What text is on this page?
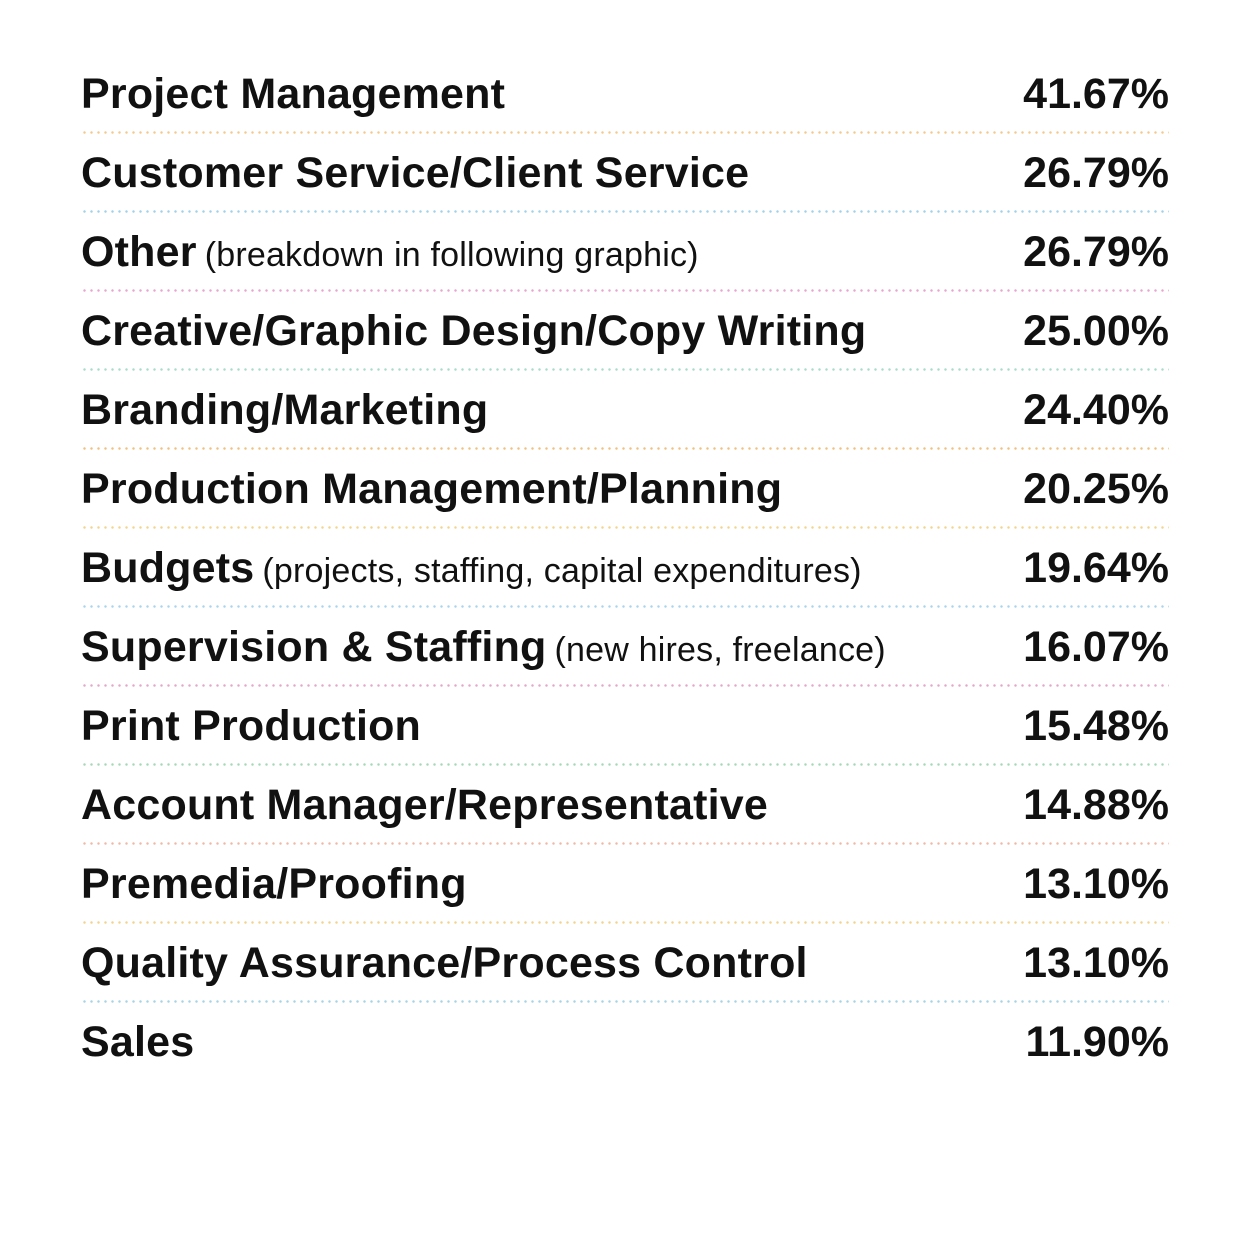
Project Management	41.67%
Customer Service/Client Service	26.79%
Other (breakdown in following graphic)	26.79%
Creative/Graphic Design/Copy Writing	25.00%
Branding/Marketing	24.40%
Production Management/Planning	20.25%
Budgets (projects, staffing, capital expenditures)	19.64%
Supervision & Staffing (new hires, freelance)	16.07%
Print Production	15.48%
Account Manager/Representative	14.88%
Premedia/Proofing	13.10%
Quality Assurance/Process Control	13.10%
Sales	11.90%
